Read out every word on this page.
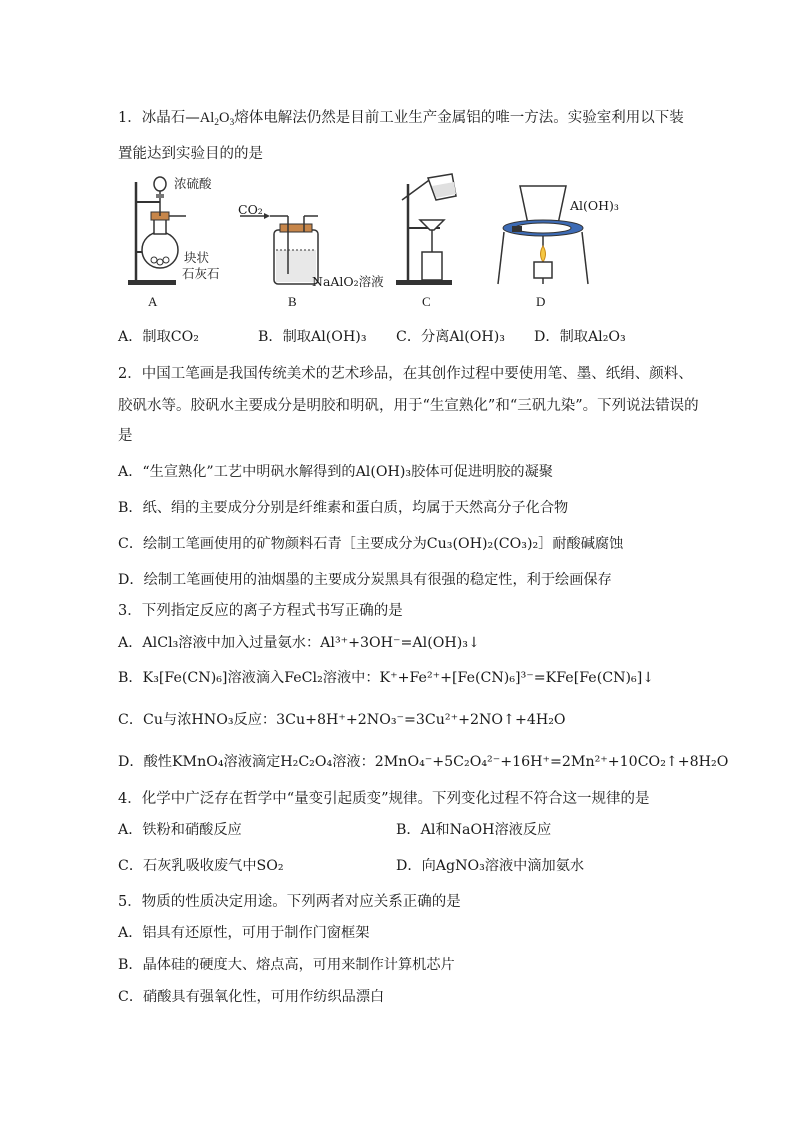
1．冰晶石$—Al_2O_3$熔体电解法仍然是目前工业生产金属铝的唯一方法。实验室利用以下装
置能达到实验目的的是
浓硫酸
块状
石灰石
A
CO₂
NaAlO₂溶液
B	C
Al(OH)₃
D
A．制取CO₂	B．制取Al(OH)₃ C．分离Al(OH)₃ D．制取Al₂O₃
2．中国工笔画是我国传统美术的艺术珍品，在其创作过程中要使用笔、墨、纸绢、颜料、
胶矾水等。胶矾水主要成分是明胶和明矾，用于“生宣熟化”和“三矾九染”。下列说法错误的
是
A．“生宣熟化”工艺中明矾水解得到的Al(OH)₃胶体可促进明胶的凝聚
B．纸、绢的主要成分分别是纤维素和蛋白质，均属于天然高分子化合物
C．绘制工笔画使用的矿物颜料石青［主要成分为Cu₃(OH)₂(CO₃)₂］耐酸碱腐蚀
D．绘制工笔画使用的油烟墨的主要成分炭黑具有很强的稳定性，利于绘画保存
3．下列指定反应的离子方程式书写正确的是
A．AlCl₃溶液中加入过量氨水：Al³⁺+3OH⁻=Al(OH)₃↓
B．K₃[Fe(CN)₆]溶液滴入FeCl₂溶液中：K⁺+Fe²⁺+[Fe(CN)₆]³⁻=KFe[Fe(CN)₆]↓
C．Cu与浓HNO₃反应：3Cu+8H⁺+2NO₃⁻=3Cu²⁺+2NO↑+4H₂O
D．酸性KMnO₄溶液滴定H₂C₂O₄溶液：2MnO₄⁻+5C₂O₄²⁻+16H⁺=2Mn²⁺+10CO₂↑+8H₂O
4．化学中广泛存在哲学中“量变引起质变”规律。下列变化过程不符合这一规律的是
A．铁粉和硝酸反应	B．Al和NaOH溶液反应
C．石灰乳吸收废气中SO₂	D．向AgNO₃溶液中滴加氨水
5．物质的性质决定用途。下列两者对应关系正确的是
A．铝具有还原性，可用于制作门窗框架
B．晶体硅的硬度大、熔点高，可用来制作计算机芯片
C．硝酸具有强氧化性，可用作纺织品漂白
